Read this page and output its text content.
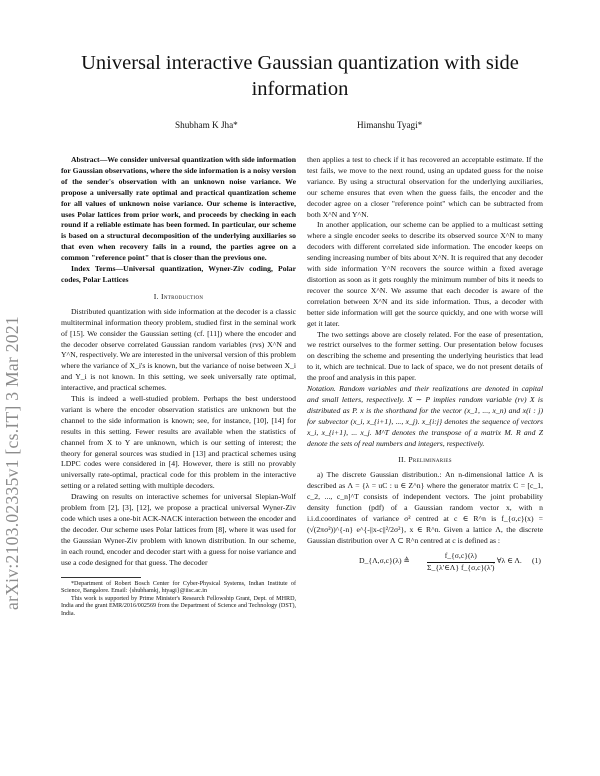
Universal interactive Gaussian quantization with side information
Shubham K Jha*	Himanshu Tyagi*
arXiv:2103.02335v1 [cs.IT] 3 Mar 2021

Abstract—We consider universal quantization with side information for Gaussian observations, where the side information is a noisy version of the sender's observation with an unknown noise variance. We propose a universally rate optimal and practical quantization scheme for all values of unknown noise variance. Our scheme is interactive, uses Polar lattices from prior work, and proceeds by checking in each round if a reliable estimate has been formed. In particular, our scheme is based on a structural decomposition of the underlying auxiliaries so that even when recovery fails in a round, the parties agree on a common "reference point" that is closer than the previous one.

Index Terms—Universal quantization, Wyner-Ziv coding, Polar codes, Polar Lattices

I. Introduction

Distributed quantization with side information at the decoder is a classic multiterminal information theory problem, studied first in the seminal work of [15]. We consider the Gaussian setting (cf. [11]) where the encoder and the decoder observe correlated Gaussian random variables (rvs) X^N and Y^N, respectively. We are interested in the universal version of this problem where the variance of X_i's is known, but the variance of noise between X_i and Y_i is not known. In this setting, we seek universally rate optimal, interactive, and practical schemes.

This is indeed a well-studied problem. Perhaps the best understood variant is where the encoder observation statistics are unknown but the channel to the side information is known; see, for instance, [10], [14] for results in this setting. Fewer results are available when the statistics of channel from X to Y are unknown, which is our setting of interest; the theory for general sources was studied in [13] and practical schemes using LDPC codes were considered in [4]. However, there is still no provably universally rate-optimal, practical code for this problem in the interactive setting or a related setting with multiple decoders.

Drawing on results on interactive schemes for universal Slepian-Wolf problem from [2], [3], [12], we propose a practical universal Wyner-Ziv code which uses a one-bit ACK-NACK interaction between the encoder and the decoder. Our scheme uses Polar lattices from [8], where it was used for the Gaussian Wyner-Ziv problem with known distribution. In our scheme, in each round, encoder and decoder start with a guess for noise variance and use a code designed for that guess. The decoder

*Department of Robert Bosch Center for Cyber-Physical Systems, Indian Institute of Science, Bangalore. Email: {shubhamkj, htyagi}@iisc.ac.in

This work is supported by Prime Minister's Research Fellowship Grant, Dept. of MHRD, India and the grant EMR/2016/002569 from the Department of Science and Technology (DST), India.

then applies a test to check if it has recovered an acceptable estimate. If the test fails, we move to the next round, using an updated guess for the noise variance. By using a structural observation for the underlying auxiliaries, our scheme ensures that even when the guess fails, the encoder and the decoder agree on a closer "reference point" which can be subtracted from both X^N and Y^N.

In another application, our scheme can be applied to a multicast setting where a single encoder seeks to describe its observed source X^N to many decoders with different correlated side information. The encoder keeps on sending increasing number of bits about X^N. It is required that any decoder with side information Y^N recovers the source within a fixed average distortion as soon as it gets roughly the minimum number of bits it needs to recover the source X^N. We assume that each decoder is aware of the correlation between X^N and its side information. Thus, a decoder with better side information will get the source quickly, and one with worse will get it later.

The two settings above are closely related. For the ease of presentation, we restrict ourselves to the former setting. Our presentation below focuses on describing the scheme and presenting the underlying heuristics that lead to it, which are technical. Due to lack of space, we do not present details of the proof and analysis in this paper.

Notation. Random variables and their realizations are denoted in capital and small letters, respectively. X ∼ P implies random variable (rv) X is distributed as P. x is the shorthand for the vector (x_1, ..., x_n) and x(i : j) for subvector (x_i, x_{i+1}, ..., x_j). x_{i:j} denotes the sequence of vectors x_i, x_{i+1}, ... x_j. M^T denotes the transpose of a matrix M. R and Z denote the sets of real numbers and integers, respectively.

II. Preliminaries

a) The discrete Gaussian distribution.: An n-dimensional lattice Λ is described as Λ = {λ = uC : u ∈ Z^n} where the generator matrix C = [c_1, c_2, ..., c_n]^T consists of independent vectors. The joint probability density function (pdf) of a Gaussian random vector x, with n i.i.d.coordinates of variance σ² centred at c ∈ R^n is f_{σ,c}(x) = (√(2πσ²))^{-n} e^{-||x-c||²/2σ²}, x ∈ R^n. Given a lattice Λ, the discrete Gaussian distribution over Λ ⊂ R^n centred at c is defined as :

D_{Λ,σ,c}(λ) ≜ $\frac{f\_\{\sigma,c\}(\lambda)}{\Sigma\_\{\lambda'\in\Lambda\} f\_\{\sigma,c\}(\lambda')}$
, ∀λ ∈ Λ. (1)
